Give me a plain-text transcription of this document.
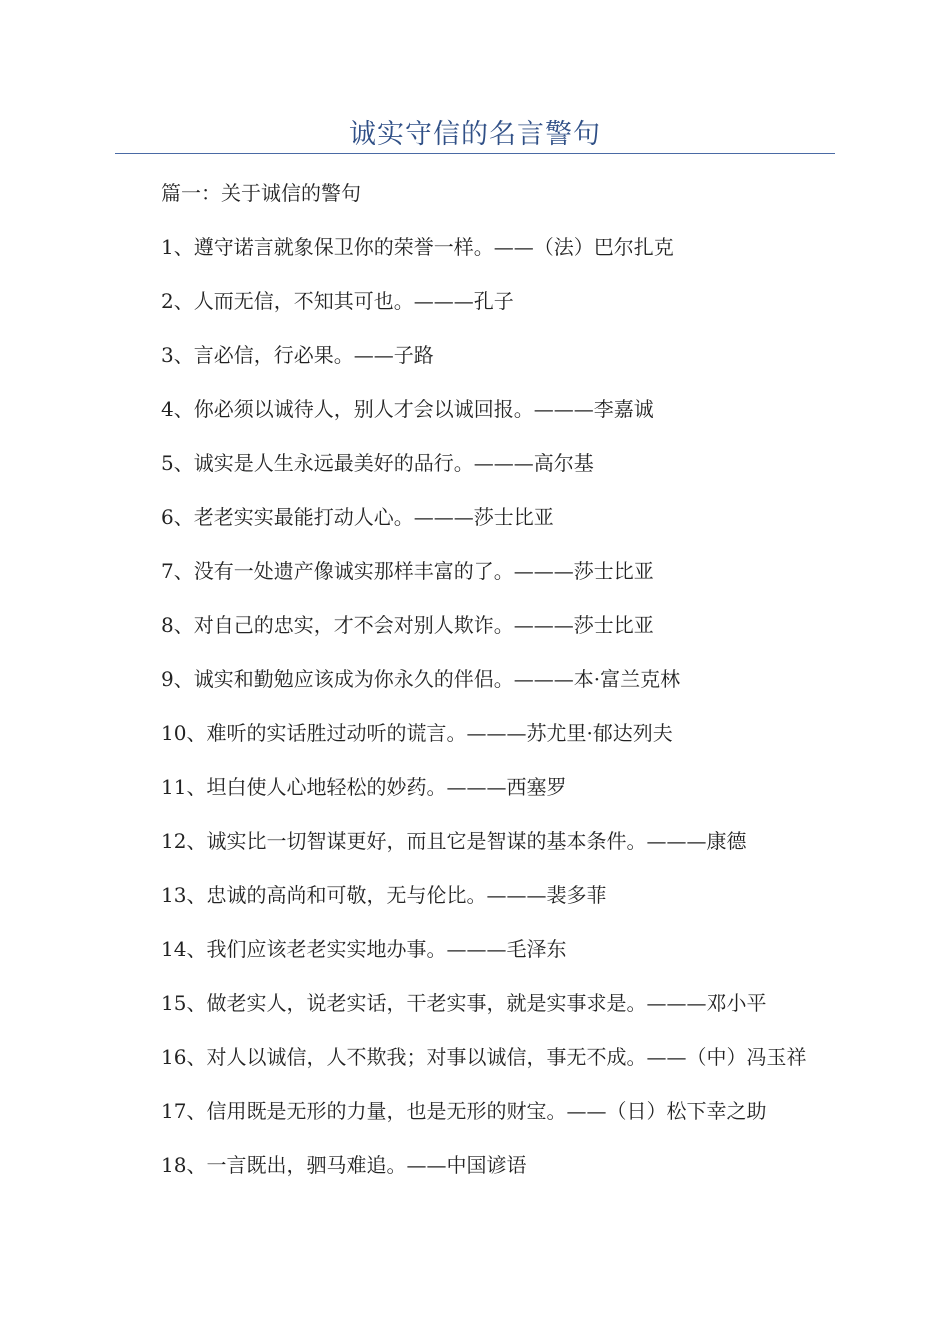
诚实守信的名言警句

篇一：关于诚信的警句

1、遵守诺言就象保卫你的荣誉一样。——（法）巴尔扎克

2、人而无信，不知其可也。———孔子

3、言必信，行必果。——子路

4、你必须以诚待人，别人才会以诚回报。———李嘉诚

5、诚实是人生永远最美好的品行。———高尔基

6、老老实实最能打动人心。———莎士比亚

7、没有一处遗产像诚实那样丰富的了。———莎士比亚

8、对自己的忠实，才不会对别人欺诈。———莎士比亚

9、诚实和勤勉应该成为你永久的伴侣。———本·富兰克林

10、难听的实话胜过动听的谎言。———苏尤里·郁达列夫

11、坦白使人心地轻松的妙药。———西塞罗

12、诚实比一切智谋更好，而且它是智谋的基本条件。———康德

13、忠诚的高尚和可敬，无与伦比。———裴多菲

14、我们应该老老实实地办事。———毛泽东

15、做老实人，说老实话，干老实事，就是实事求是。———邓小平

16、对人以诚信，人不欺我；对事以诚信，事无不成。——（中）冯玉祥

17、信用既是无形的力量，也是无形的财宝。——（日）松下幸之助

18、一言既出，驷马难追。——中国谚语
